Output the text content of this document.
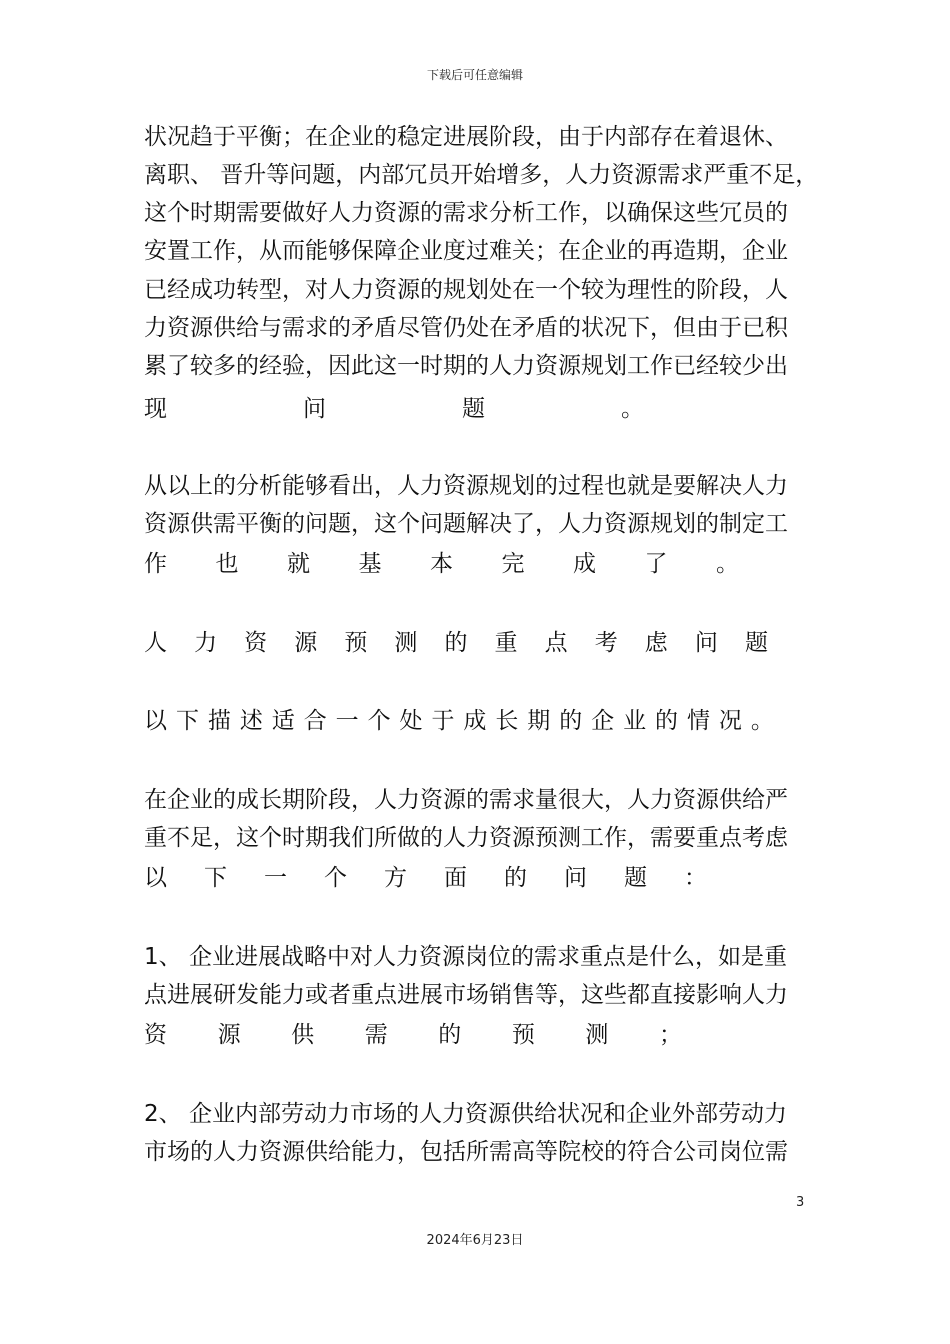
下载后可任意编辑
状况趋于平衡；在企业的稳定进展阶段，由于内部存在着退休、
离职、 晋升等问题，内部冗员开始增多，人力资源需求严重不足，
这个时期需要做好人力资源的需求分析工作，以确保这些冗员的
安置工作，从而能够保障企业度过难关；在企业的再造期，企业
已经成功转型，对人力资源的规划处在一个较为理性的阶段，人
力资源供给与需求的矛盾尽管仍处在矛盾的状况下，但由于已积
累了较多的经验，因此这一时期的人力资源规划工作已经较少出
现	问	题	。
从以上的分析能够看出，人力资源规划的过程也就是要解决人力
资源供需平衡的问题，这个问题解决了，人力资源规划的制定工
作 也 就 基 本 完 成 了 。
人 力 资 源 预 测 的 重 点 考 虑 问 题
以 下 描 述 适 合 一 个 处 于 成 长 期 的 企 业 的 情 况 。
在企业的成长期阶段，人力资源的需求量很大，人力资源供给严
重不足，这个时期我们所做的人力资源预测工作，需要重点考虑
以 下 一 个 方 面 的 问 题 ：
1、 企业进展战略中对人力资源岗位的需求重点是什么，如是重
点进展研发能力或者重点进展市场销售等，这些都直接影响人力
资 源 供 需 的 预 测 ；
2、 企业内部劳动力市场的人力资源供给状况和企业外部劳动力
市场的人力资源供给能力，包括所需高等院校的符合公司岗位需
3
2024年6月23日
